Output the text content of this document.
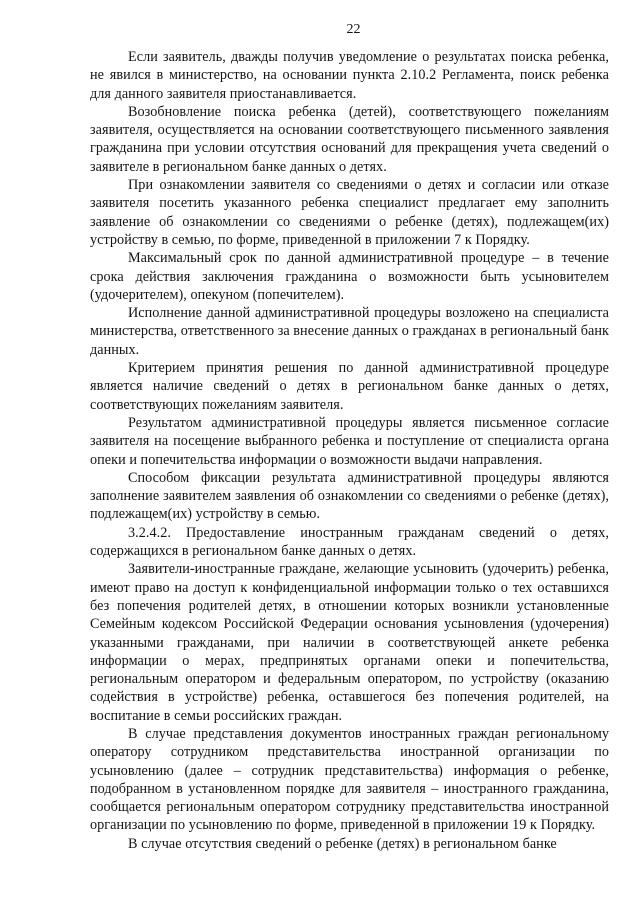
22

Если заявитель, дважды получив уведомление о результатах поиска ребенка, не явился в министерство, на основании пункта 2.10.2 Регламента, поиск ребенка для данного заявителя приостанавливается.

Возобновление поиска ребенка (детей), соответствующего пожеланиям заявителя, осуществляется на основании соответствующего письменного заявления гражданина при условии отсутствия оснований для прекращения учета сведений о заявителе в региональном банке данных о детях.

При ознакомлении заявителя со сведениями о детях и согласии или отказе заявителя посетить указанного ребенка специалист предлагает ему заполнить заявление об ознакомлении со сведениями о ребенке (детях), подлежащем(их) устройству в семью, по форме, приведенной в приложении 7 к Порядку.

Максимальный срок по данной административной процедуре – в течение срока действия заключения гражданина о возможности быть усыновителем (удочерителем), опекуном (попечителем).

Исполнение данной административной процедуры возложено на специалиста министерства, ответственного за внесение данных о гражданах в региональный банк данных.

Критерием принятия решения по данной административной процедуре является наличие сведений о детях в региональном банке данных о детях, соответствующих пожеланиям заявителя.

Результатом административной процедуры является письменное согласие заявителя на посещение выбранного ребенка и поступление от специалиста органа опеки и попечительства информации о возможности выдачи направления.

Способом фиксации результата административной процедуры являются заполнение заявителем заявления об ознакомлении со сведениями о ребенке (детях), подлежащем(их) устройству в семью.

3.2.4.2. Предоставление иностранным гражданам сведений о детях, содержащихся в региональном банке данных о детях.

Заявители-иностранные граждане, желающие усыновить (удочерить) ребенка, имеют право на доступ к конфиденциальной информации только о тех оставшихся без попечения родителей детях, в отношении которых возникли установленные Семейным кодексом Российской Федерации основания усыновления (удочерения) указанными гражданами, при наличии в соответствующей анкете ребенка информации о мерах, предпринятых органами опеки и попечительства, региональным оператором и федеральным оператором, по устройству (оказанию содействия в устройстве) ребенка, оставшегося без попечения родителей, на воспитание в семьи российских граждан.

В случае представления документов иностранных граждан региональному оператору сотрудником представительства иностранной организации по усыновлению (далее – сотрудник представительства) информация о ребенке, подобранном в установленном порядке для заявителя – иностранного гражданина, сообщается региональным оператором сотруднику представительства иностранной организации по усыновлению по форме, приведенной в приложении 19 к Порядку.

В случае отсутствия сведений о ребенке (детях) в региональном банке
